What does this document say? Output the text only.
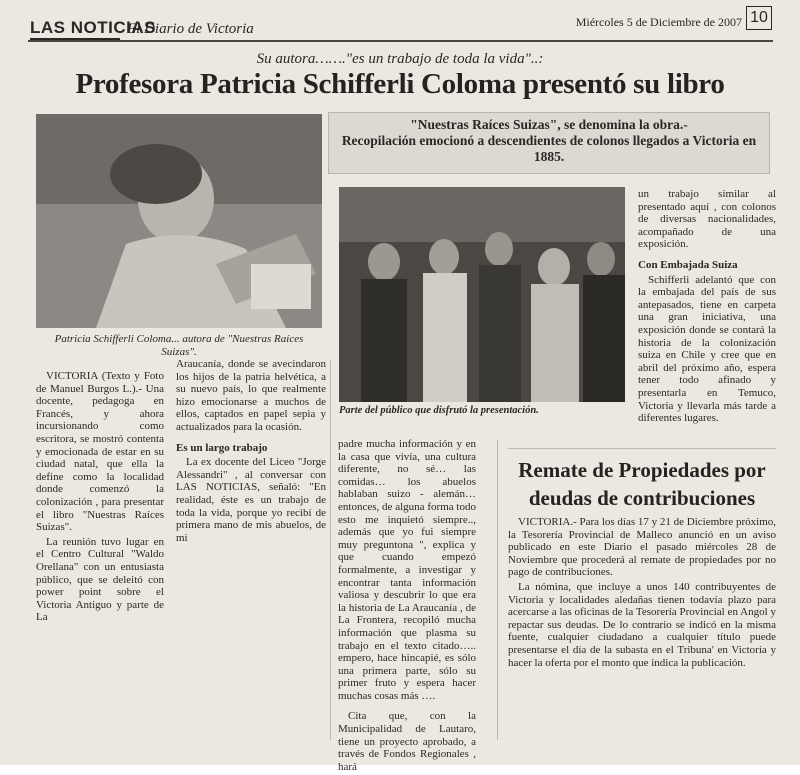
LAS NOTICIAS
El Diario de Victoria	Miércoles 5 de Diciembre de 2007 10
Su autora……."es un trabajo de toda la vida"..:
Profesora Patricia Schifferli Coloma presentó su libro
Patricia Schifferli Coloma... autora de "Nuestras Raíces Suizas".
"Nuestras Raíces Suizas", se denomina la obra.-
Recopilación emocionó a descendientes de colonos llegados a Victoria en 1885.
Parte del público que disfrutó la presentación.

un trabajo similar al presentado aquí , con colonos de diversas nacionalidades, acompañado de una exposición.

Con Embajada Suiza

Schifferli adelantó que con la embajada del país de sus antepasados, tiene en carpeta una gran iniciativa, una exposición donde se contará la historia de la colonización suiza en Chile y cree que en abril del próximo año, espera tener todo afinado y presentarla en Temuco, Victoria y llevarla más tarde a diferentes lugares.

VICTORIA (Texto y Foto de Manuel Burgos L.).- Una docente, pedagoga en Francés, y ahora incursionando como escritora, se mostró contenta y emocionada de estar en su ciudad natal, que ella la define como la localidad donde comenzó la colonización , para presentar el libro "Nuestras Raíces Suizas".

La reunión tuvo lugar en el Centro Cultural "Waldo Orellana" con un entusiasta público, que se deleitó con power point sobre el Victoria Antiguo y parte de La

Araucanía, donde se avecindaron los hijos de la patria helvética, a su nuevo país, lo que realmente hizo emocionarse a muchos de ellos, captados en papel sepia y actualizados para la ocasión.

Es un largo trabajo

La ex docente del Liceo "Jorge Alessandri" , al conversar con LAS NOTICIAS, señaló: "En realidad, éste es un trabajo de toda la vida, porque yo recibí de primera mano de mis abuelos, de mi

padre mucha información y en la casa que vivía, una cultura diferente, no sé… las comidas… los abuelos hablaban suizo - alemán… entonces, de alguna forma todo esto me inquietó siempre.., además que yo fui siempre muy preguntona ", explica y que cuando empezó formalmente, a investigar y encontrar tanta información valiosa y descubrir lo que era la historia de La Araucanía , de La Frontera, recopiló mucha información que plasma su trabajo en el texto citado….. empero, hace hincapié, es sólo una primera parte, sólo su primer fruto y espera hacer muchas cosas más ….

Cita que, con la Municipalidad de Lautaro, tiene un proyecto aprobado, a través de Fondos Regionales , hará

Remate de Propiedades por deudas de contribuciones

VICTORIA.- Para los días 17 y 21 de Diciembre próximo, la Tesorería Provincial de Malleco anunció en un aviso publicado en este Diario el pasado miércoles 28 de Noviembre que procederá al remate de propiedades por no pago de contribuciones.

La nómina, que incluye a unos 140 contribuyentes de Victoria y localidades aledañas tienen todavía plazo para acercarse a las oficinas de la Tesorería Provincial en Angol y repactar sus deudas. De lo contrario se indicó en la misma fuente, cualquier ciudadano a cualquier título puede presentarse el día de la subasta en el Tribuna' en Victoria y hacer la oferta por el monto que indica la publicación.
